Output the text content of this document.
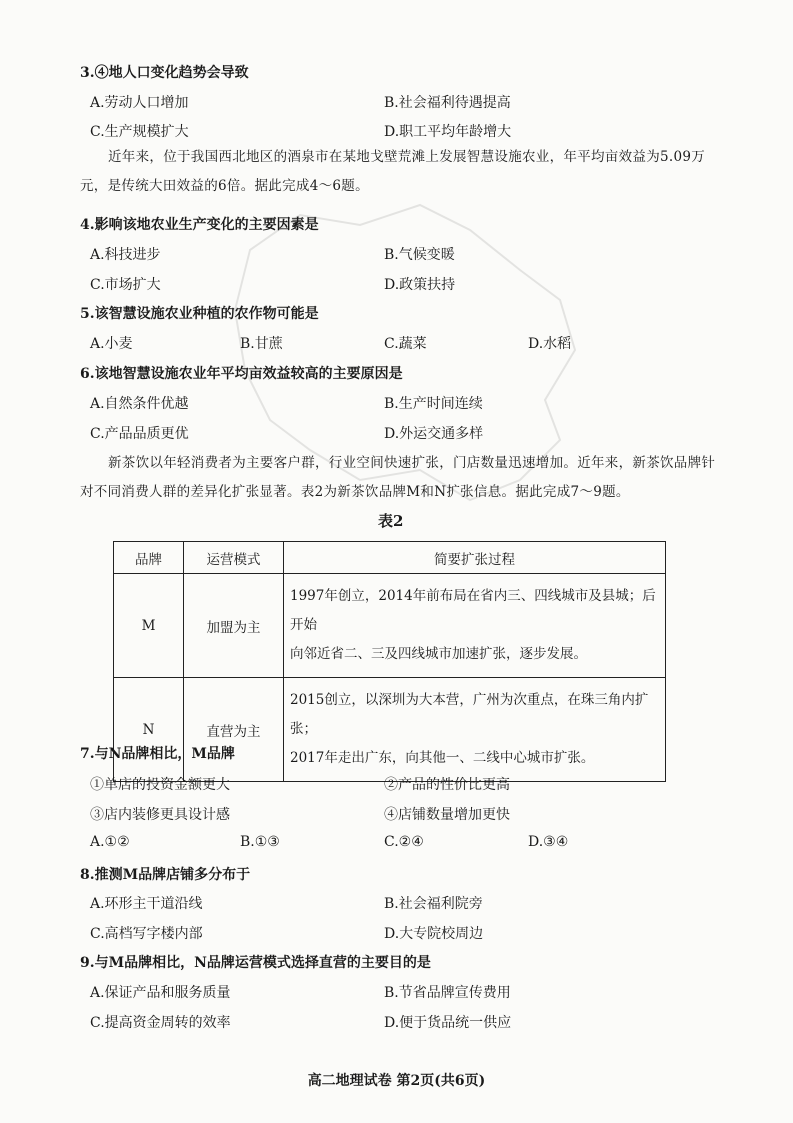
3.④地人口变化趋势会导致
A.劳动人口增加	B.社会福利待遇提高
C.生产规模扩大	D.职工平均年龄增大
近年来，位于我国西北地区的酒泉市在某地戈壁荒滩上发展智慧设施农业，年平均亩效益为5.09万
元，是传统大田效益的6倍。据此完成4～6题。
4.影响该地农业生产变化的主要因素是
A.科技进步	B.气候变暖
C.市场扩大	D.政策扶持
5.该智慧设施农业种植的农作物可能是
A.小麦	B.甘蔗	C.蔬菜	D.水稻
6.该地智慧设施农业年平均亩效益较高的主要原因是
A.自然条件优越	B.生产时间连续
C.产品品质更优	D.外运交通多样
新茶饮以年轻消费者为主要客户群，行业空间快速扩张，门店数量迅速增加。近年来，新茶饮品牌针
对不同消费人群的差异化扩张显著。表2为新茶饮品牌M和N扩张信息。据此完成7～9题。
表2
品牌	运营模式	简要扩张过程
M	加盟为主	1997年创立，2014年前布局在省内三、四线城市及县城；后开始
向邻近省二、三及四线城市加速扩张，逐步发展。

N	直营为主	2015创立，以深圳为大本营，广州为次重点，在珠三角内扩张；
2017年走出广东，向其他一、二线中心城市扩张。
7.与N品牌相比，M品牌
①单店的投资金额更大	②产品的性价比更高
③店内装修更具设计感	④店铺数量增加更快
A.①②	B.①③	C.②④	D.③④
8.推测M品牌店铺多分布于
A.环形主干道沿线	B.社会福利院旁
C.高档写字楼内部	D.大专院校周边
9.与M品牌相比，N品牌运营模式选择直营的主要目的是
A.保证产品和服务质量	B.节省品牌宣传费用
C.提高资金周转的效率	D.便于货品统一供应
高二地理试卷 第2页(共6页)
